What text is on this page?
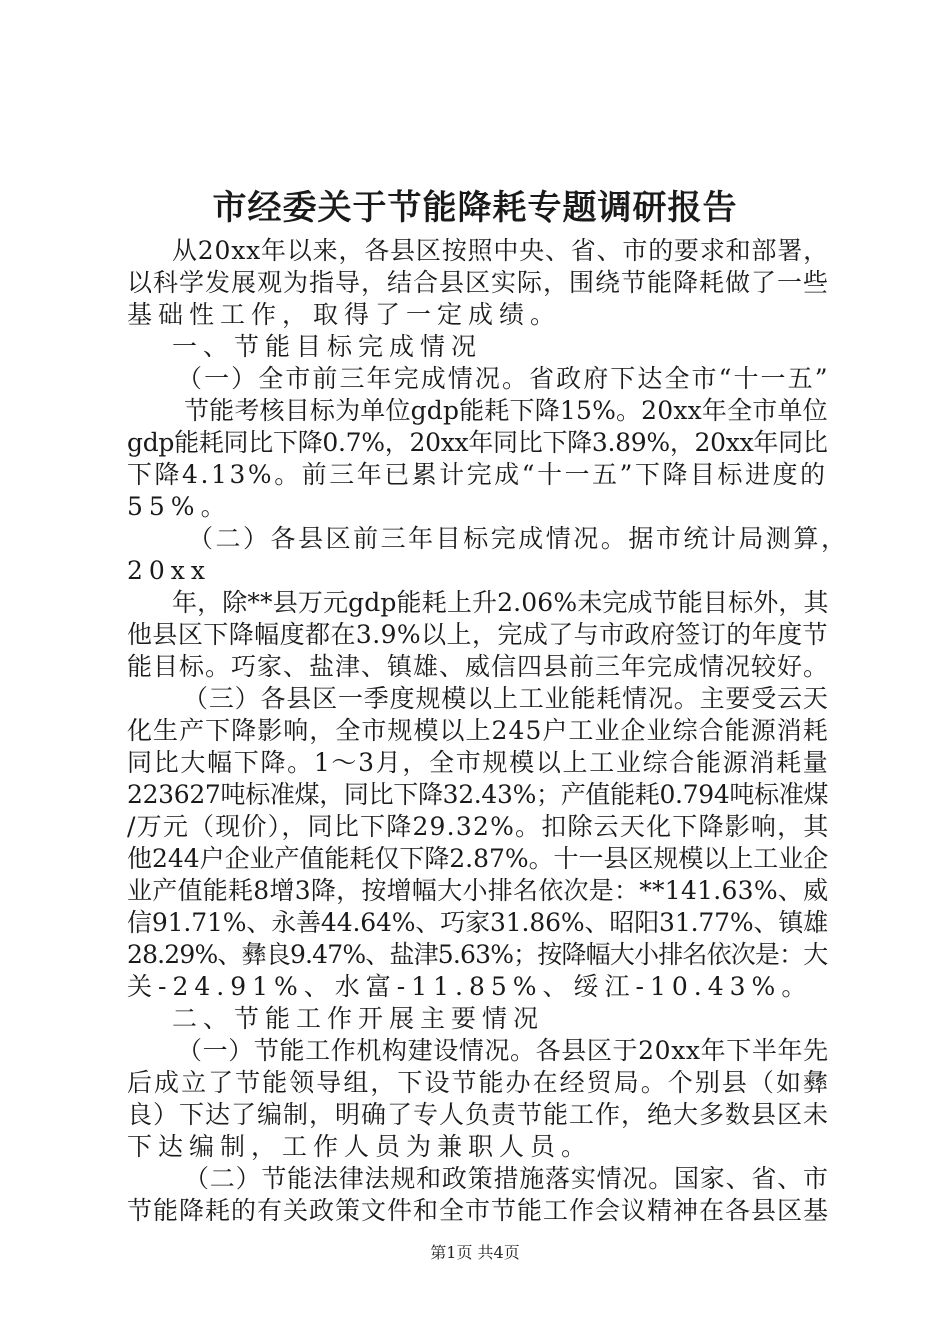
市经委关于节能降耗专题调研报告
从20xx年以来，各县区按照中央、省、市的要求和部署，
以科学发展观为指导，结合县区实际，围绕节能降耗做了一些
基础性工作，取得了一定成绩。
一、节能目标完成情况
（一）全市前三年完成情况。省政府下达全市“十一五”
节能考核目标为单位gdp能耗下降15%。20xx年全市单位
gdp能耗同比下降0.7%，20xx年同比下降3.89%，20xx年同比
下降4.13%。前三年已累计完成“十一五”下降目标进度的
55%。
（二）各县区前三年目标完成情况。据市统计局测算，
20xx
年，除**县万元gdp能耗上升2.06%未完成节能目标外，其
他县区下降幅度都在3.9%以上，完成了与市政府签订的年度节
能目标。巧家、盐津、镇雄、威信四县前三年完成情况较好。
（三）各县区一季度规模以上工业能耗情况。主要受云天
化生产下降影响，全市规模以上245户工业企业综合能源消耗
同比大幅下降。1～3月，全市规模以上工业综合能源消耗量
223627吨标准煤，同比下降32.43%；产值能耗0.794吨标准煤
/万元（现价），同比下降29.32%。扣除云天化下降影响，其
他244户企业产值能耗仅下降2.87%。十一县区规模以上工业企
业产值能耗8增3降，按增幅大小排名依次是：**141.63%、威
信91.71%、永善44.64%、巧家31.86%、昭阳31.77%、镇雄
28.29%、彝良9.47%、盐津5.63%；按降幅大小排名依次是：大
关-24.91%、水富-11.85%、绥江-10.43%。
二、节能工作开展主要情况
（一）节能工作机构建设情况。各县区于20xx年下半年先
后成立了节能领导组，下设节能办在经贸局。个别县（如彝
良）下达了编制，明确了专人负责节能工作，绝大多数县区未
下达编制，工作人员为兼职人员。
（二）节能法律法规和政策措施落实情况。国家、省、市
节能降耗的有关政策文件和全市节能工作会议精神在各县区基
第1页 共4页
